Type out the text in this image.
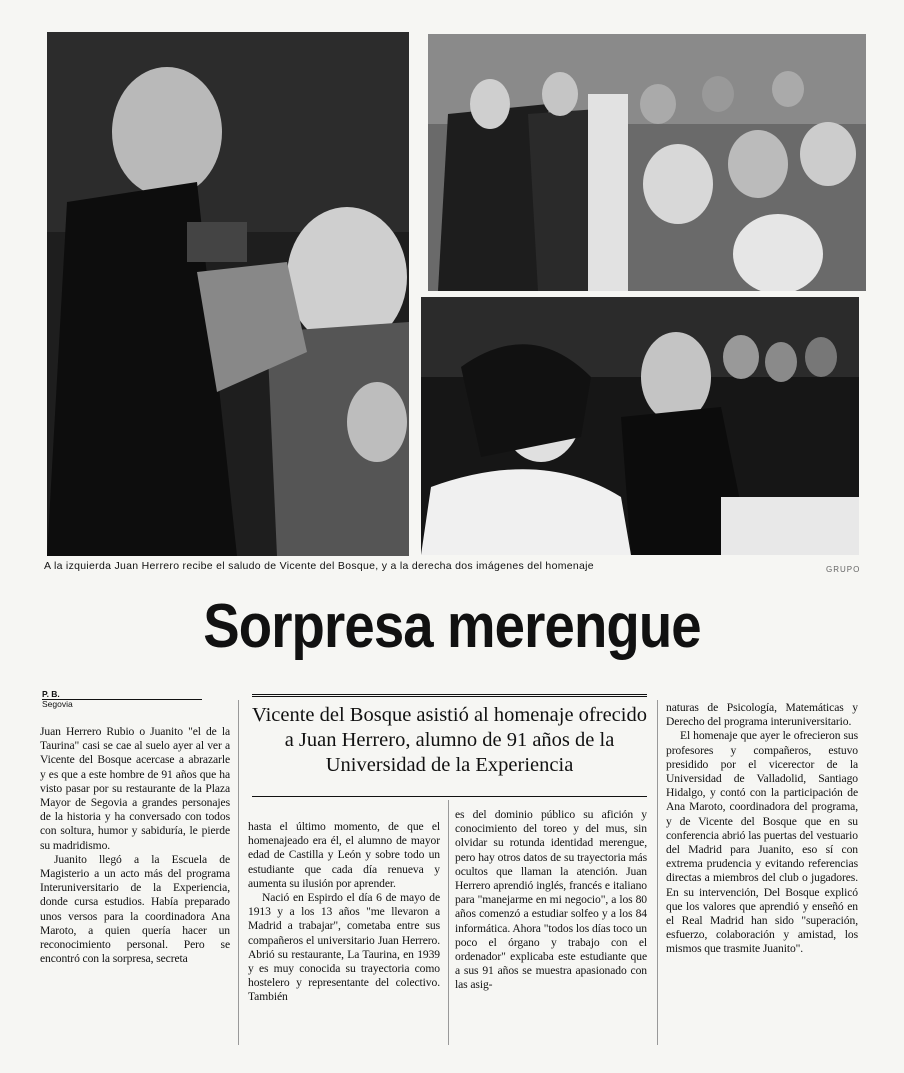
A la izquierda Juan Herrero recibe el saludo de Vicente del Bosque, y a la derecha dos imágenes del homenaje	GRUPO
Sorpresa merengue
P. B.
Segovia	Vicente del Bosque asistió al homenaje ofrecido a Juan Herrero, alumno de 91 años de la Universidad de la Experiencia

Juan Herrero Rubio o Juanito "el de la Taurina" casi se cae al suelo ayer al ver a Vicente del Bosque acercase a abrazarle y es que a este hombre de 91 años que ha visto pasar por su restaurante de la Plaza Mayor de Segovia a grandes personajes de la historia y ha conversado con todos con soltura, humor y sabiduría, le pierde su madridismo.

Juanito llegó a la Escuela de Magisterio a un acto más del programa Interuniversitario de la Experiencia, donde cursa estudios. Había preparado unos versos para la coordinadora Ana Maroto, a quien quería hacer un reconocimiento personal. Pero se encontró con la sorpresa, secreta

hasta el último momento, de que el homenajeado era él, el alumno de mayor edad de Castilla y León y sobre todo un estudiante que cada día renueva y aumenta su ilusión por aprender.

Nació en Espirdo el día 6 de mayo de 1913 y a los 13 años "me llevaron a Madrid a trabajar", cometaba entre sus compañeros el universitario Juan Herrero. Abrió su restaurante, La Taurina, en 1939 y es muy conocida su trayectoria como hostelero y representante del colectivo. También

es del dominio público su afición y conocimiento del toreo y del mus, sin olvidar su rotunda identidad merengue, pero hay otros datos de su trayectoria más ocultos que llaman la atención. Juan Herrero aprendió inglés, francés e italiano para "manejarme en mi negocio", a los 80 años comenzó a estudiar solfeo y a los 84 informática. Ahora "todos los días toco un poco el órgano y trabajo con el ordenador" explicaba este estudiante que a sus 91 años se muestra apasionado con las asig-

naturas de Psicología, Matemáticas y Derecho del programa interuniversitario.

El homenaje que ayer le ofrecieron sus profesores y compañeros, estuvo presidido por el vicerector de la Universidad de Valladolid, Santiago Hidalgo, y contó con la participación de Ana Maroto, coordinadora del programa, y de Vicente del Bosque que en su conferencia abrió las puertas del vestuario del Madrid para Juanito, eso sí con extrema prudencia y evitando referencias directas a miembros del club o jugadores. En su intervención, Del Bosque explicó que los valores que aprendió y enseñó en el Real Madrid han sido "superación, esfuerzo, colaboración y amistad, los mismos que trasmite Juanito".
